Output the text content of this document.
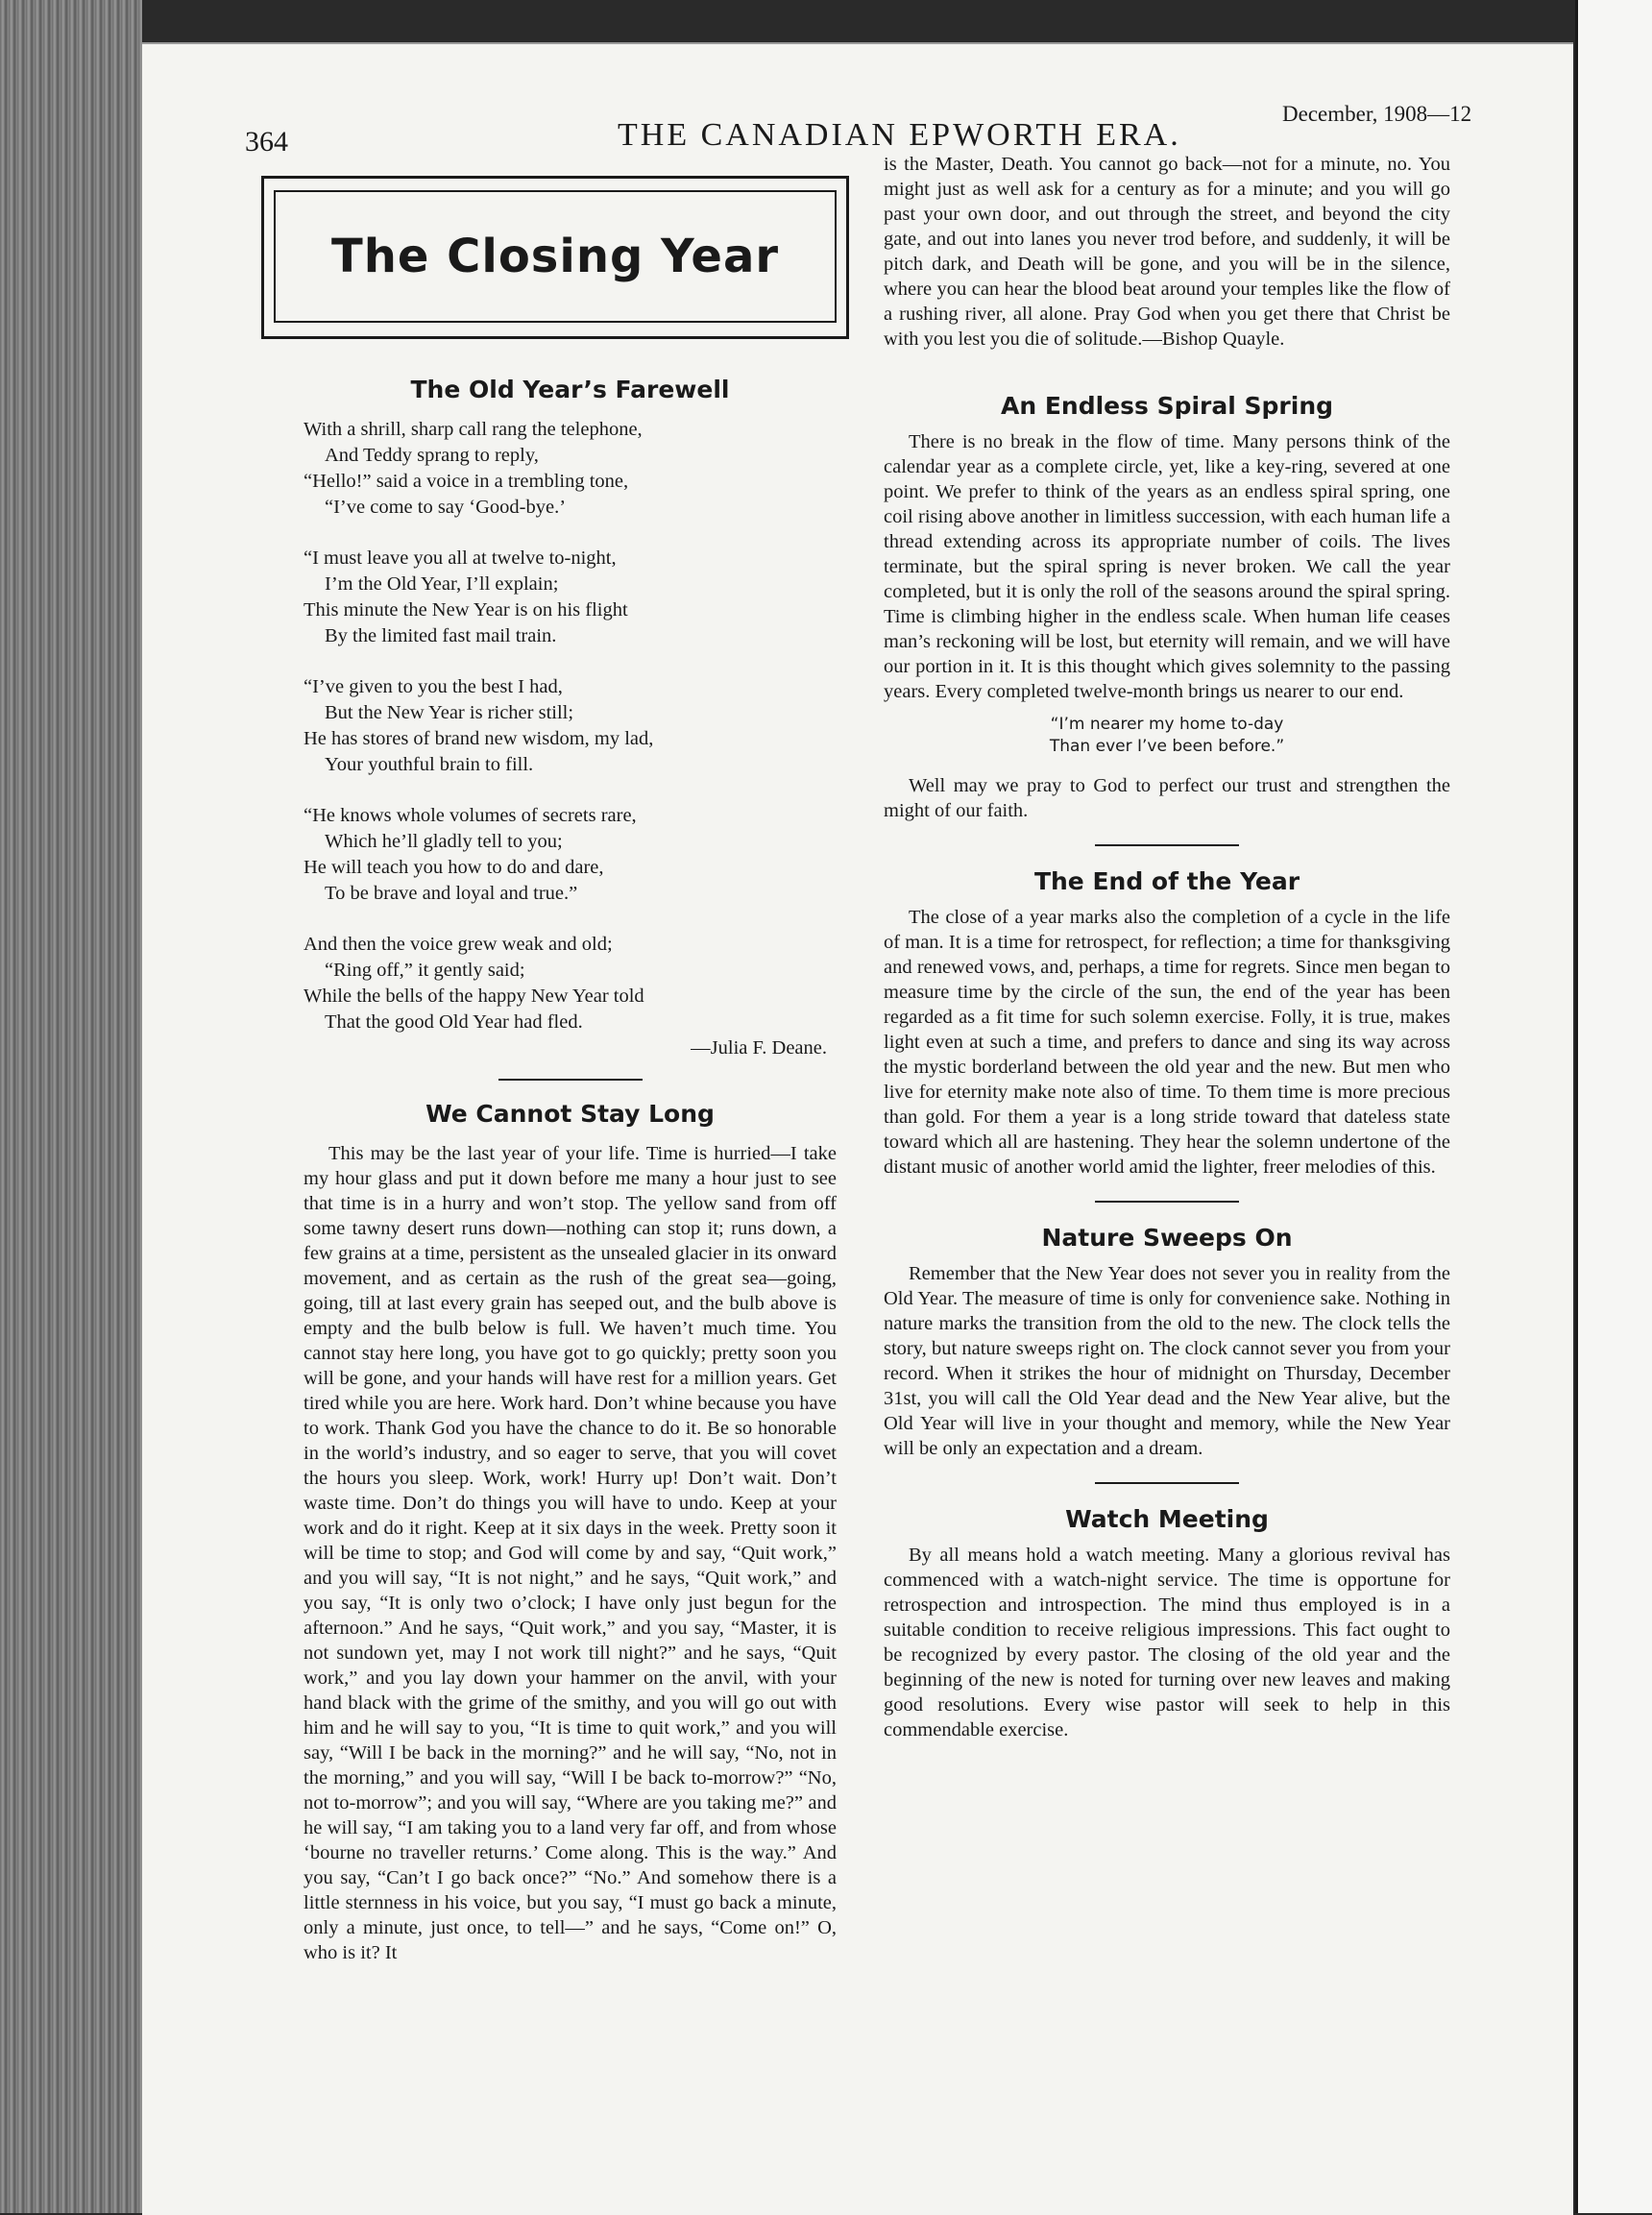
364	THE CANADIAN EPWORTH ERA.
December, 1908—12
The Closing Year
The Old Year’s Farewell
With a shrill, sharp call rang the telephone,
And Teddy sprang to reply,
“Hello!” said a voice in a trembling tone,
“I’ve come to say ‘Good-bye.’
“I must leave you all at twelve to-night,
I’m the Old Year, I’ll explain;
This minute the New Year is on his flight
By the limited fast mail train.
“I’ve given to you the best I had,
But the New Year is richer still;
He has stores of brand new wisdom, my lad,
Your youthful brain to fill.
“He knows whole volumes of secrets rare,
Which he’ll gladly tell to you;
He will teach you how to do and dare,
To be brave and loyal and true.”
And then the voice grew weak and old;
“Ring off,” it gently said;
While the bells of the happy New Year told
That the good Old Year had fled.
—Julia F. Deane.
We Cannot Stay Long

This may be the last year of your life. Time is hurried—I take my hour glass and put it down before me many a hour just to see that time is in a hurry and won’t stop. The yellow sand from off some tawny desert runs down—nothing can stop it; runs down, a few grains at a time, persistent as the unsealed glacier in its onward movement, and as certain as the rush of the great sea—going, going, till at last every grain has seeped out, and the bulb above is empty and the bulb below is full. We haven’t much time. You cannot stay here long, you have got to go quickly; pretty soon you will be gone, and your hands will have rest for a million years. Get tired while you are here. Work hard. Don’t whine because you have to work. Thank God you have the chance to do it. Be so honorable in the world’s industry, and so eager to serve, that you will covet the hours you sleep. Work, work! Hurry up! Don’t wait. Don’t waste time. Don’t do things you will have to undo. Keep at your work and do it right. Keep at it six days in the week. Pretty soon it will be time to stop; and God will come by and say, “Quit work,” and you will say, “It is not night,” and he says, “Quit work,” and you say, “It is only two o’clock; I have only just begun for the afternoon.” And he says, “Quit work,” and you say, “Master, it is not sundown yet, may I not work till night?” and he says, “Quit work,” and you lay down your hammer on the anvil, with your hand black with the grime of the smithy, and you will go out with him and he will say to you, “It is time to quit work,” and you will say, “Will I be back in the morning?” and he will say, “No, not in the morning,” and you will say, “Will I be back to-morrow?” “No, not to-morrow”; and you will say, “Where are you taking me?” and he will say, “I am taking you to a land very far off, and from whose ‘bourne no traveller returns.’ Come along. This is the way.” And you say, “Can’t I go back once?” “No.” And somehow there is a little sternness in his voice, but you say, “I must go back a minute, only a minute, just once, to tell—” and he says, “Come on!” O, who is it? It

is the Master, Death. You cannot go back—not for a minute, no. You might just as well ask for a century as for a minute; and you will go past your own door, and out through the street, and beyond the city gate, and out into lanes you never trod before, and suddenly, it will be pitch dark, and Death will be gone, and you will be in the silence, where you can hear the blood beat around your temples like the flow of a rushing river, all alone. Pray God when you get there that Christ be with you lest you die of solitude.—Bishop Quayle.

An Endless Spiral Spring

There is no break in the flow of time. Many persons think of the calendar year as a complete circle, yet, like a key-ring, severed at one point. We prefer to think of the years as an endless spiral spring, one coil rising above another in limitless succession, with each human life a thread extending across its appropriate number of coils. The lives terminate, but the spiral spring is never broken. We call the year completed, but it is only the roll of the seasons around the spiral spring. Time is climbing higher in the endless scale. When human life ceases man’s reckoning will be lost, but eternity will remain, and we will have our portion in it. It is this thought which gives solemnity to the passing years. Every completed twelve-month brings us nearer to our end.

“I’m nearer my home to-day
Than ever I’ve been before.”

Well may we pray to God to perfect our trust and strengthen the might of our faith.

The End of the Year

The close of a year marks also the completion of a cycle in the life of man. It is a time for retrospect, for reflection; a time for thanksgiving and renewed vows, and, perhaps, a time for regrets. Since men began to measure time by the circle of the sun, the end of the year has been regarded as a fit time for such solemn exercise. Folly, it is true, makes light even at such a time, and prefers to dance and sing its way across the mystic borderland between the old year and the new. But men who live for eternity make note also of time. To them time is more precious than gold. For them a year is a long stride toward that dateless state toward which all are hastening. They hear the solemn undertone of the distant music of another world amid the lighter, freer melodies of this.

Nature Sweeps On

Remember that the New Year does not sever you in reality from the Old Year. The measure of time is only for convenience sake. Nothing in nature marks the transition from the old to the new. The clock tells the story, but nature sweeps right on. The clock cannot sever you from your record. When it strikes the hour of midnight on Thursday, December 31st, you will call the Old Year dead and the New Year alive, but the Old Year will live in your thought and memory, while the New Year will be only an expectation and a dream.

Watch Meeting

By all means hold a watch meeting. Many a glorious revival has commenced with a watch-night service. The time is opportune for retrospection and introspection. The mind thus employed is in a suitable condition to receive religious impressions. This fact ought to be recognized by every pastor. The closing of the old year and the beginning of the new is noted for turning over new leaves and making good resolutions. Every wise pastor will seek to help in this commendable exercise.
